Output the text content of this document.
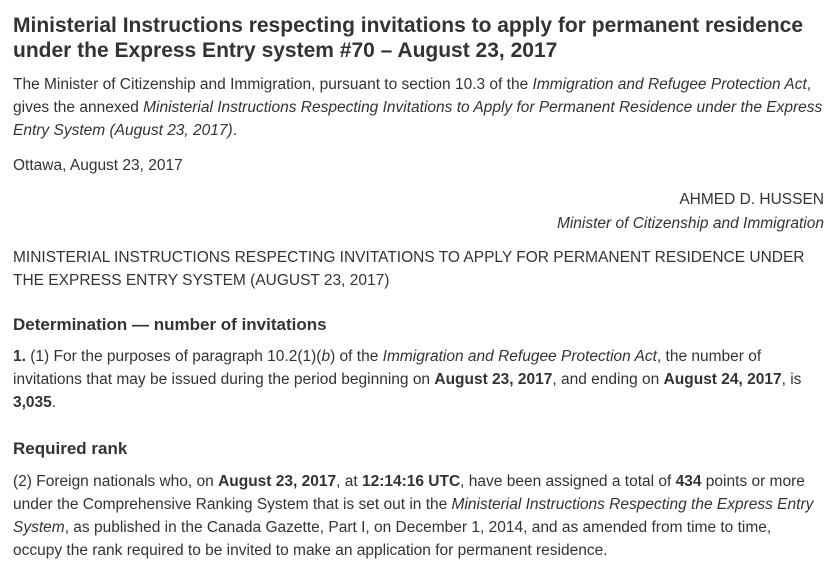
Ministerial Instructions respecting invitations to apply for permanent residence under the Express Entry system #70 – August 23, 2017

The Minister of Citizenship and Immigration, pursuant to section 10.3 of the Immigration and Refugee Protection Act, gives the annexed Ministerial Instructions Respecting Invitations to Apply for Permanent Residence under the Express Entry System (August 23, 2017).

Ottawa, August 23, 2017

AHMED D. HUSSEN
Minister of Citizenship and Immigration

MINISTERIAL INSTRUCTIONS RESPECTING INVITATIONS TO APPLY FOR PERMANENT RESIDENCE UNDER THE EXPRESS ENTRY SYSTEM (AUGUST 23, 2017)

Determination — number of invitations

1. (1) For the purposes of paragraph 10.2(1)(b) of the Immigration and Refugee Protection Act, the number of invitations that may be issued during the period beginning on August 23, 2017, and ending on August 24, 2017, is 3,035.

Required rank

(2) Foreign nationals who, on August 23, 2017, at 12:14:16 UTC, have been assigned a total of 434 points or more under the Comprehensive Ranking System that is set out in the Ministerial Instructions Respecting the Express Entry System, as published in the Canada Gazette, Part I, on December 1, 2014, and as amended from time to time, occupy the rank required to be invited to make an application for permanent residence.
